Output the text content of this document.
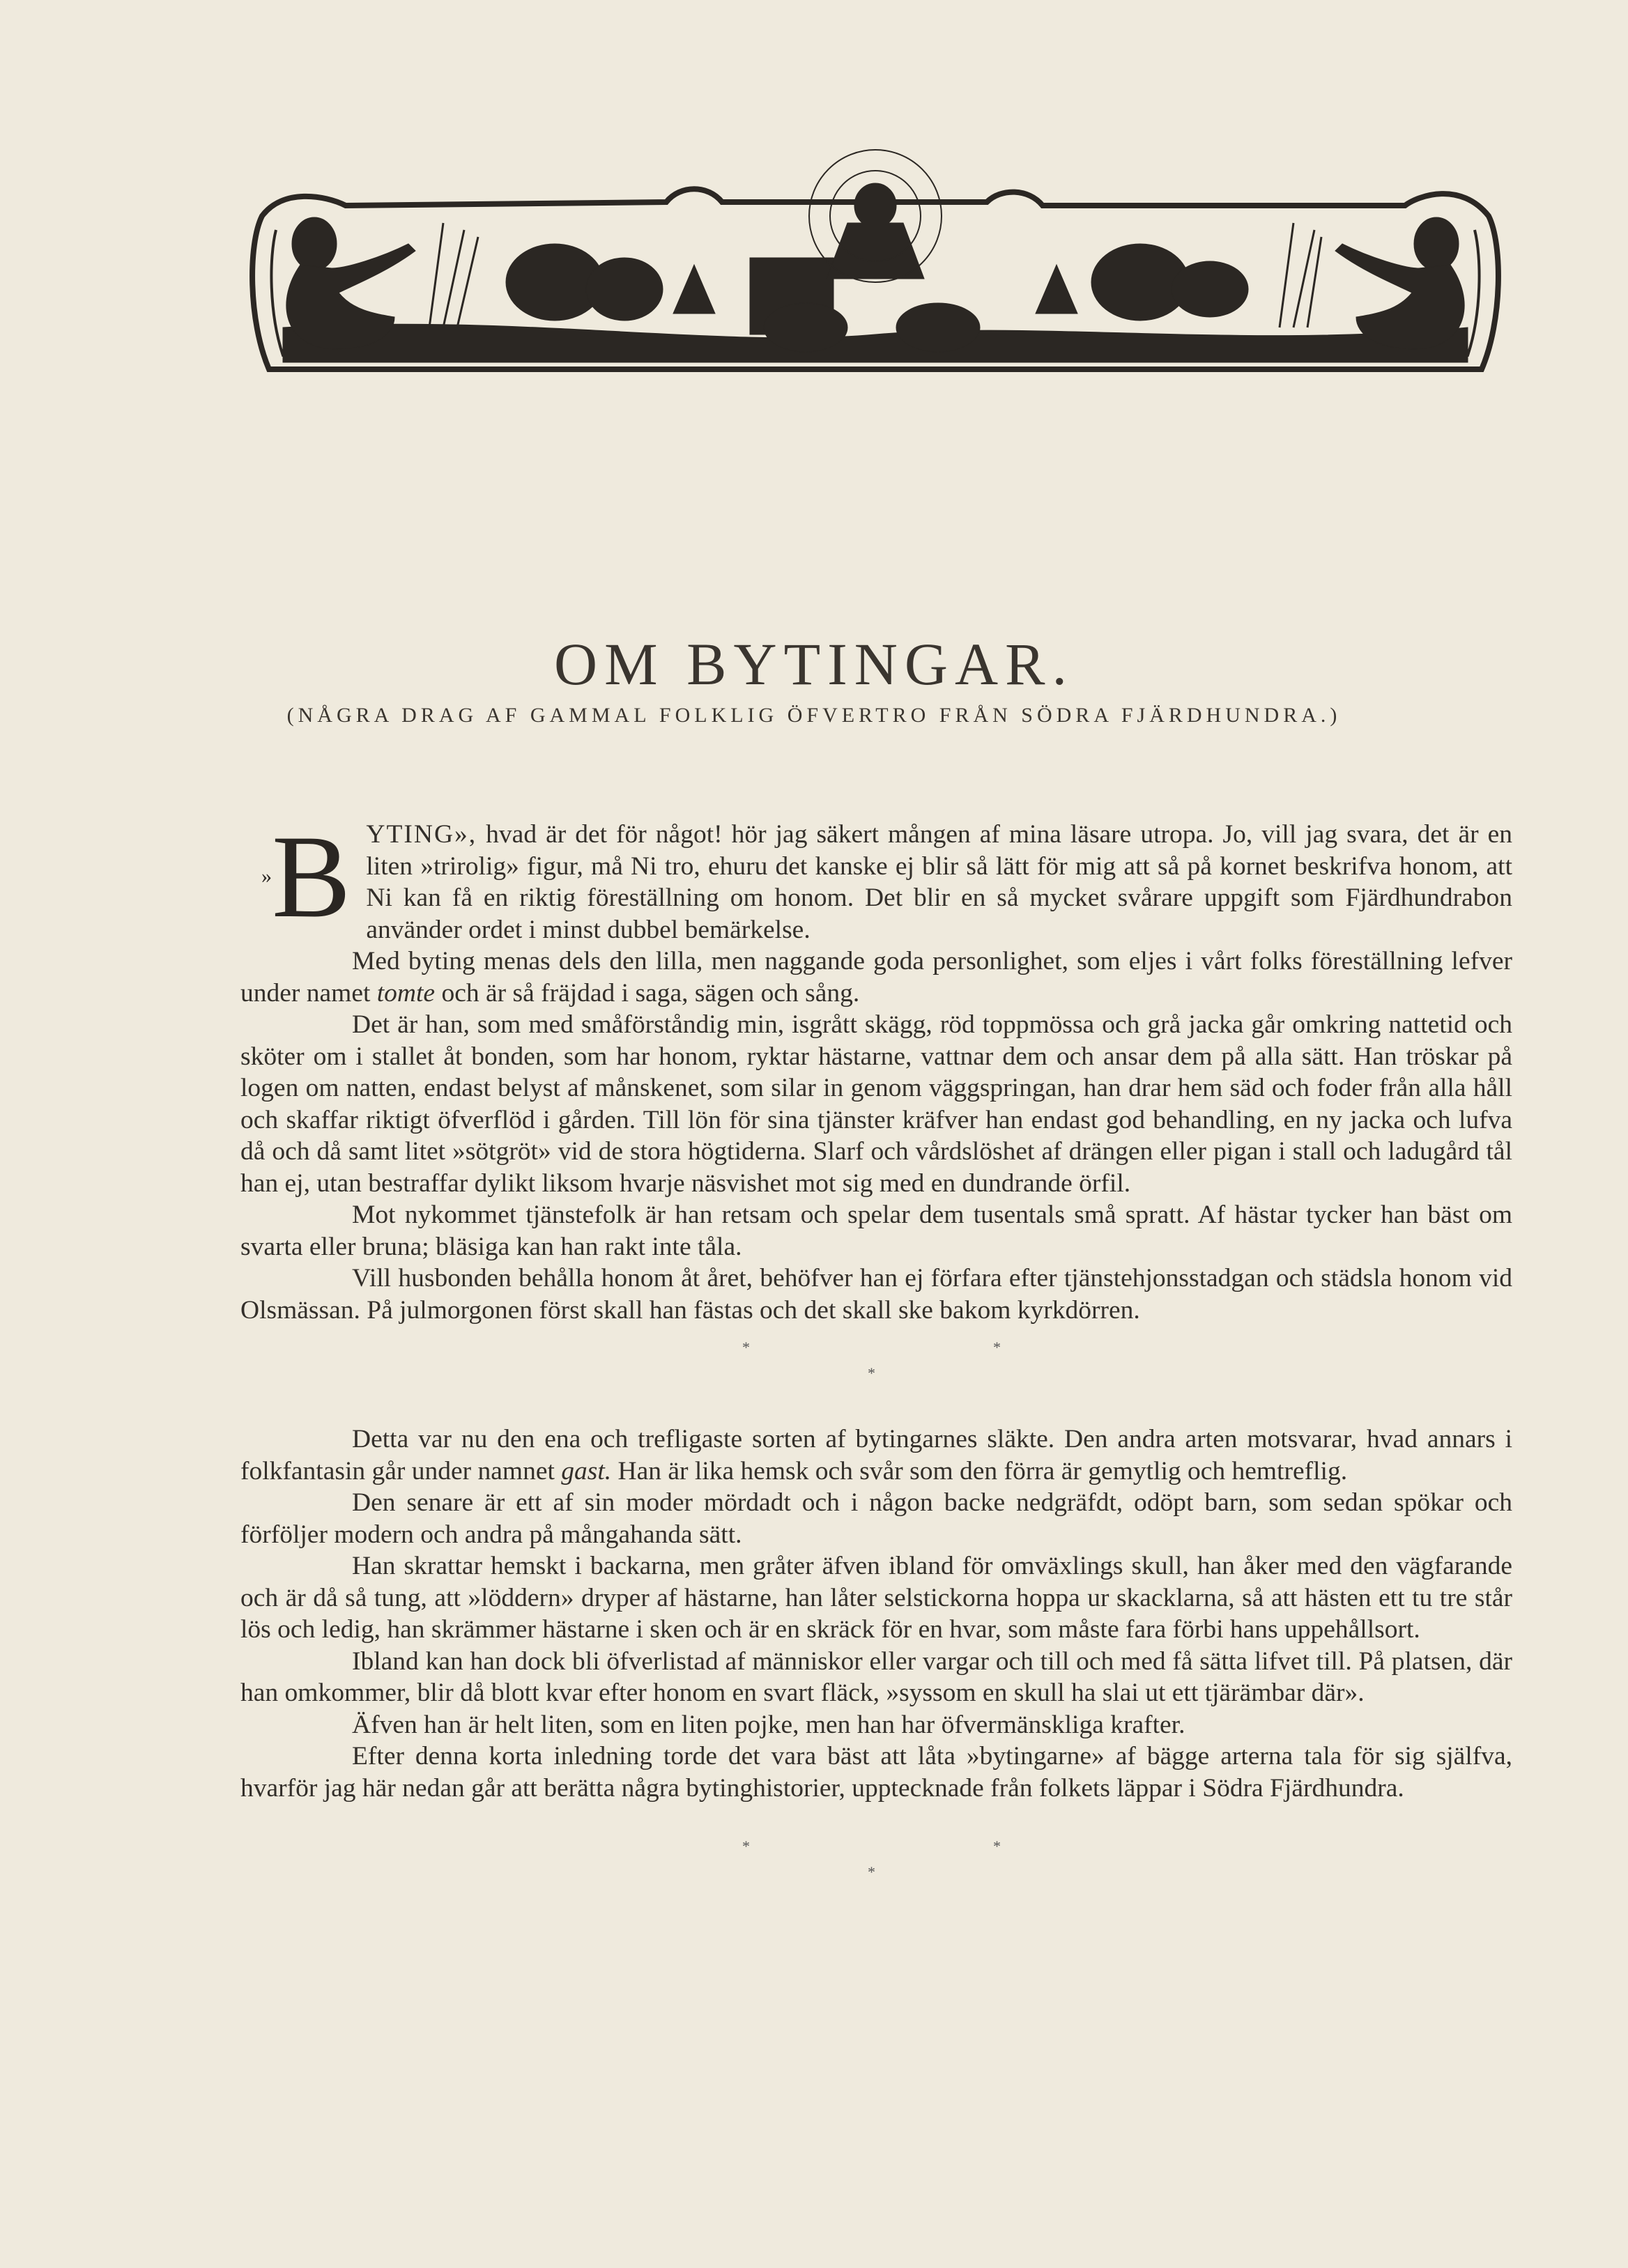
OM BYTINGAR.
(NÅGRA DRAG AF GAMMAL FOLKLIG ÖFVERTRO FRÅN SÖDRA FJÄRDHUNDRA.)

»B YTING», hvad är det för något! hör jag säkert mången af mina läsare utropa. Jo, vill jag svara, det är en liten »trirolig» figur, må Ni tro, ehuru det kanske ej blir så lätt för mig att så på kornet beskrifva honom, att Ni kan få en riktig föreställning om honom. Det blir en så mycket svårare uppgift som Fjärdhundrabon använder ordet i minst dubbel bemärkelse.

Med byting menas dels den lilla, men naggande goda personlighet, som eljes i vårt folks föreställning lefver under namet tomte och är så fräjdad i saga, sägen och sång.

Det är han, som med småförståndig min, isgrått skägg, röd toppmössa och grå jacka går omkring nattetid och sköter om i stallet åt bonden, som har honom, ryktar hästarne, vattnar dem och ansar dem på alla sätt. Han tröskar på logen om natten, endast belyst af månskenet, som silar in genom väggspringan, han drar hem säd och foder från alla håll och skaffar riktigt öfverflöd i gården. Till lön för sina tjänster kräfver han endast god behandling, en ny jacka och lufva då och då samt litet »sötgröt» vid de stora högtiderna. Slarf och vårdslöshet af drängen eller pigan i stall och ladugård tål han ej, utan bestraffar dylikt liksom hvarje näsvishet mot sig med en dundrande örfil.

Mot nykommet tjänstefolk är han retsam och spelar dem tusentals små spratt. Af hästar tycker han bäst om svarta eller bruna; bläsiga kan han rakt inte tåla.

Vill husbonden behålla honom åt året, behöfver han ej förfara efter tjänstehjonsstadgan och städsla honom vid Olsmässan. På julmorgonen först skall han fästas och det skall ske bakom kyrkdörren.

*	*
*

Detta var nu den ena och trefligaste sorten af bytingarnes släkte. Den andra arten motsvarar, hvad annars i folkfantasin går under namnet gast. Han är lika hemsk och svår som den förra är gemytlig och hemtreflig.

Den senare är ett af sin moder mördadt och i någon backe nedgräfdt, odöpt barn, som sedan spökar och förföljer modern och andra på mångahanda sätt.

Han skrattar hemskt i backarna, men gråter äfven ibland för omväxlings skull, han åker med den vägfarande och är då så tung, att »löddern» dryper af hästarne, han låter selstickorna hoppa ur skacklarna, så att hästen ett tu tre står lös och ledig, han skrämmer hästarne i sken och är en skräck för en hvar, som måste fara förbi hans uppehållsort.

Ibland kan han dock bli öfverlistad af människor eller vargar och till och med få sätta lifvet till. På platsen, där han omkommer, blir då blott kvar efter honom en svart fläck, »syssom en skull ha slai ut ett tjärämbar där».

Äfven han är helt liten, som en liten pojke, men han har öfvermänskliga krafter.

Efter denna korta inledning torde det vara bäst att låta »bytingarne» af bägge arterna tala för sig själfva, hvarför jag här nedan går att berätta några bytinghistorier, upptecknade från folkets läppar i Södra Fjärdhundra.

*	*
*
